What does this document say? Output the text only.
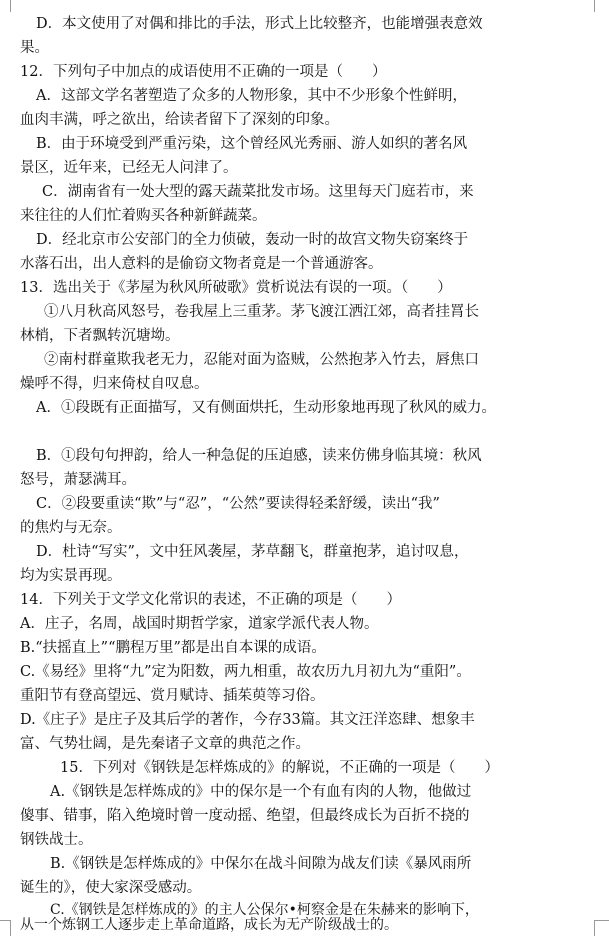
D．本文使用了对偶和排比的手法，形式上比较整齐，也能增强表意效
果。
12．下列句子中加点的成语使用不正确的一项是（　　）
A．这部文学名著塑造了众多的人物形象，其中不少形象个性鲜明，
血肉丰满，呼之欲出，给读者留下了深刻的印象。
B．由于环境受到严重污染，这个曾经风光秀丽、游人如织的著名风
景区，近年来，已经无人问津了。
C．湖南省有一处大型的露天蔬菜批发市场。这里每天门庭若市，来
来往往的人们忙着购买各种新鲜蔬菜。
D．经北京市公安部门的全力侦破，轰动一时的故宫文物失窃案终于
水落石出，出人意料的是偷窃文物者竟是一个普通游客。
13．选出关于《茅屋为秋风所破歌》赏析说法有误的一项。（　　）
①八月秋高风怒号，卷我屋上三重茅。茅飞渡江洒江郊，高者挂罥长
林梢，下者飘转沉塘坳。
②南村群童欺我老无力，忍能对面为盗贼，公然抱茅入竹去，唇焦口
燥呼不得，归来倚杖自叹息。
A．①段既有正面描写，又有侧面烘托，生动形象地再现了秋风的威力。
B．①段句句押韵，给人一种急促的压迫感，读来仿佛身临其境：秋风
怒号，萧瑟满耳。
C．②段要重读“欺”与“忍”，“公然”要读得轻柔舒缓，读出“我”
的焦灼与无奈。
D．杜诗“写实”，文中狂风袭屋，茅草翻飞，群童抱茅，追讨叹息，
均为实景再现。
14．下列关于文学文化常识的表述，不正确的项是（　　）
A．庄子，名周，战国时期哲学家，道家学派代表人物。
B.“扶摇直上”“鹏程万里”都是出自本课的成语。
C.《易经》里将“九”定为阳数，两九相重，故农历九月初九为“重阳”。
重阳节有登高望远、赏月赋诗、插茱萸等习俗。
D.《庄子》是庄子及其后学的著作，今存33篇。其文汪洋恣肆、想象丰
富、气势壮阔，是先秦诸子文章的典范之作。
15．下列对《钢铁是怎样炼成的》的解说，不正确的一项是（　　）
A.《钢铁是怎样炼成的》中的保尔是一个有血有肉的人物，他做过
傻事、错事，陷入绝境时曾一度动摇、绝望，但最终成长为百折不挠的
钢铁战士。
B.《钢铁是怎样炼成的》中保尔在战斗间隙为战友们读《暴风雨所
诞生的》，使大家深受感动。
C.《钢铁是怎样炼成的》的主人公保尔•柯察金是在朱赫来的影响下，
从一个炼钢工人逐步走上革命道路，成长为无产阶级战士的。
